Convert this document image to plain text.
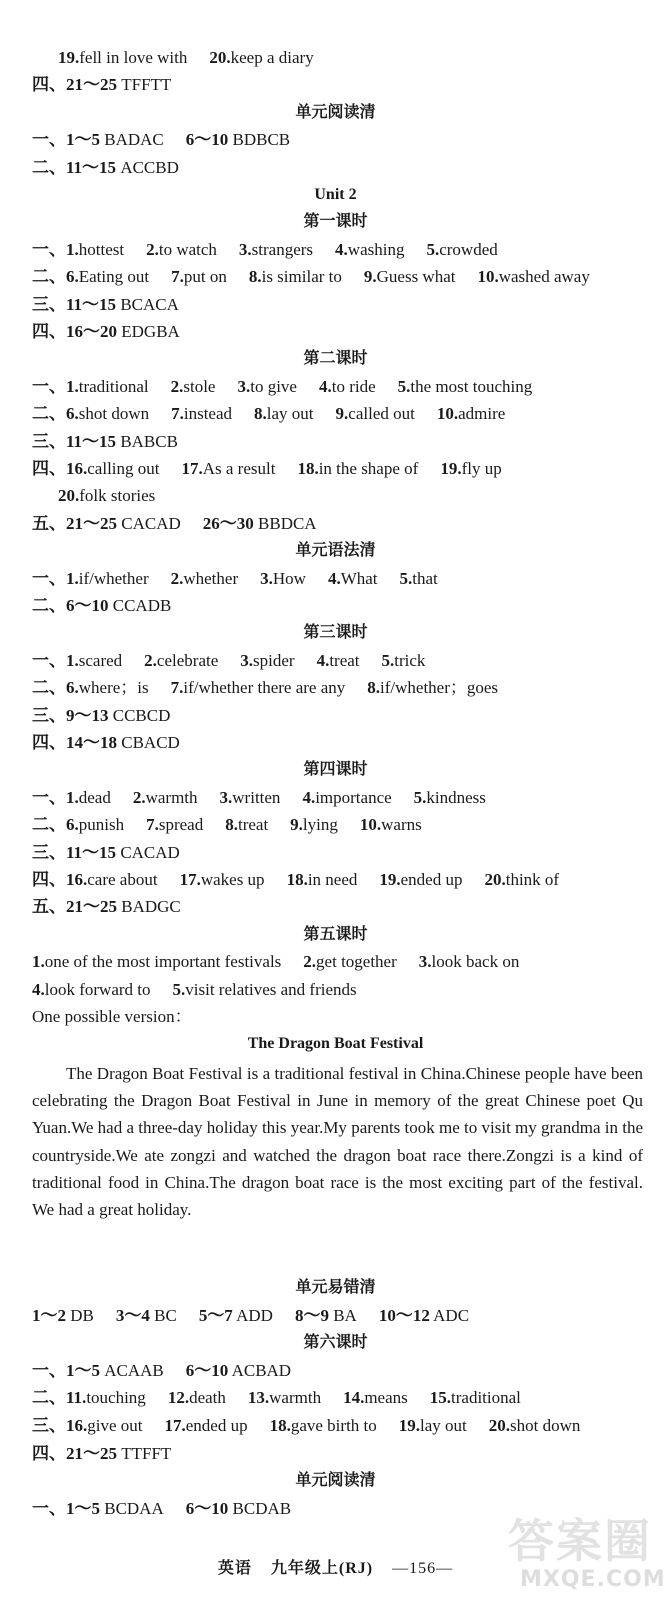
19.fell in love with 20.keep a diary
四、21～25 TFFTT
单元阅读清
一、1～5 BADAC 6～10 BDBCB
二、11～15 ACCBD
Unit 2
第一课时
一、1.hottest 2.to watch 3.strangers 4.washing 5.crowded
二、6.Eating out 7.put on 8.is similar to 9.Guess what 10.washed away
三、11～15 BCACA
四、16～20 EDGBA
第二课时
一、1.traditional 2.stole 3.to give 4.to ride 5.the most touching
二、6.shot down 7.instead 8.lay out 9.called out 10.admire
三、11～15 BABCB
四、16.calling out 17.As a result 18.in the shape of 19.fly up
20.folk stories
五、21～25 CACAD 26～30 BBDCA
单元语法清
一、1.if/whether 2.whether 3.How 4.What 5.that
二、6～10 CCADB
第三课时
一、1.scared 2.celebrate 3.spider 4.treat 5.trick
二、6.where；is 7.if/whether there are any 8.if/whether；goes
三、9～13 CCBCD
四、14～18 CBACD
第四课时
一、1.dead 2.warmth 3.written 4.importance 5.kindness
二、6.punish 7.spread 8.treat 9.lying 10.warns
三、11～15 CACAD
四、16.care about 17.wakes up 18.in need 19.ended up 20.think of
五、21～25 BADGC
第五课时
1.one of the most important festivals 2.get together 3.look back on
4.look forward to 5.visit relatives and friends
One possible version：
The Dragon Boat Festival

The Dragon Boat Festival is a traditional festival in China.Chinese people have been celebrating the Dragon Boat Festival in June in memory of the great Chinese poet Qu Yuan.We had a three-day holiday this year.My parents took me to visit my grandma in the countryside.We ate zongzi and watched the dragon boat race there.Zongzi is a kind of traditional food in China.The dragon boat race is the most exciting part of the festival. We had a great holiday.

单元易错清
1～2 DB 3～4 BC 5～7 ADD 8～9 BA 10～12 ADC
第六课时
一、1～5 ACAAB 6～10 ACBAD
二、11.touching 12.death 13.warmth 14.means 15.traditional
三、16.give out 17.ended up 18.gave birth to 19.lay out 20.shot down
四、21～25 TTFFT
单元阅读清
一、1～5 BCDAA 6～10 BCDAB
英语 九年级上(RJ) —156—
答案圈
MXQE.COM
